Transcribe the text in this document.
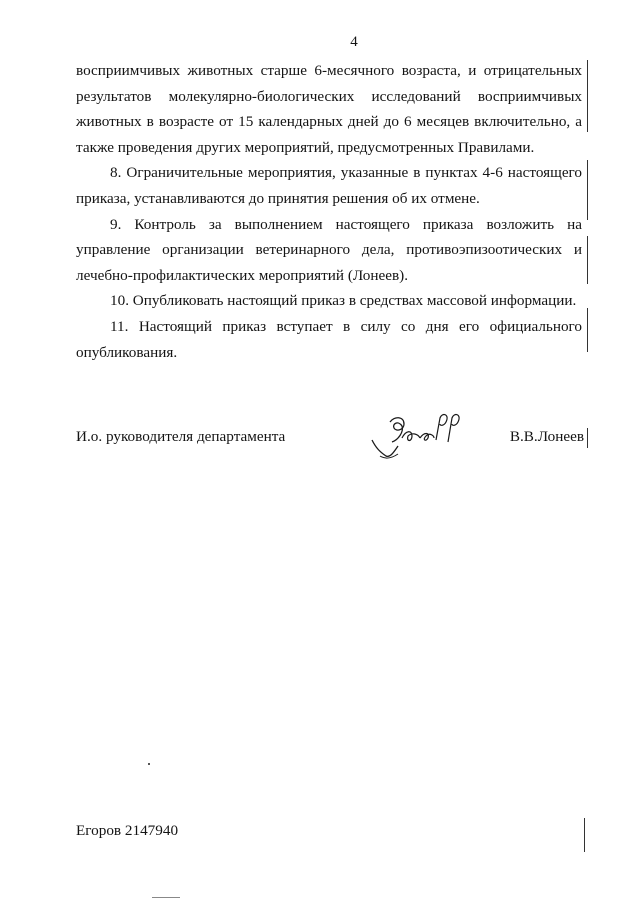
4

восприимчивых животных старше 6-месячного возраста, и отрицательных результатов молекулярно-биологических исследований восприимчивых животных в возрасте от 15 календарных дней до 6 месяцев включительно, а также проведения других мероприятий, предусмотренных Правилами.

8. Ограничительные мероприятия, указанные в пунктах 4-6 настоящего приказа, устанавливаются до принятия решения об их отмене.

9. Контроль за выполнением настоящего приказа возложить на управление организации ветеринарного дела, противоэпизоотических и лечебно-профилактических мероприятий (Лонеев).

10. Опубликовать настоящий приказ в средствах массовой информации.

11. Настоящий приказ вступает в силу со дня его официального опубликования.

И.о. руководителя департамента	В.В.Лонеев
Егоров 2147940
